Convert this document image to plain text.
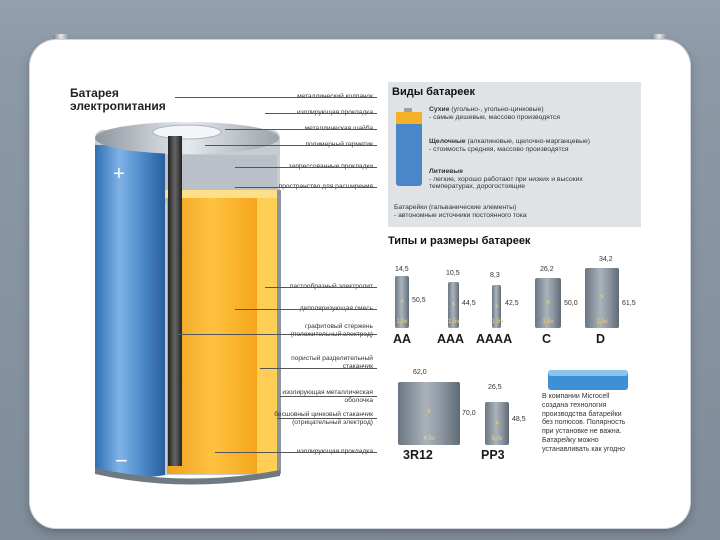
Батарея
электропитания
+
−
металлический колпачок
изолирующая прокладка
металлическая шайба
полимерный герметик
запрессованные прокладки
пространство для расширения
пастообразный электролит
деполяризующая смесь
графитовый стержень
(положительный электрод)
пористый разделительный
стаканчик
изолирующая металлическая
оболочка
бесшовный цинковый стаканчик
(отрицательный электрод)
изолирующая прокладка
Виды батареек
Сухие (угольно-, угольно-цинковые)
- самые дешевые, массово производятся
Щелочные (алкалиновые, щелочно-марганцевые)
- стоимость средняя, массово производятся
Литиевые
- легкие, хорошо работают при низких и высоких
температурах, дорогостоящие
Батарейки (гальванические элементы)
- автономные источники постоянного тока
Типы и размеры батареек
14,5
⚡
1,5v
50,5
AA
10,5
⚡
1,5v
44,5
AAA
8,3
⚡
1,5v
42,5
AAAA
26,2
⚡
1,5v
50,0
C
34,2
⚡
1,5v
61,5
D
62,0
⚡
4,5v
70,0
3R12
26,5
⚡
9,0v
48,5
PP3
В компании Microcell создана технология производства батарейки без полюсов. Полярность при установке не важна. Батарейку можно устанавливать как угодно
